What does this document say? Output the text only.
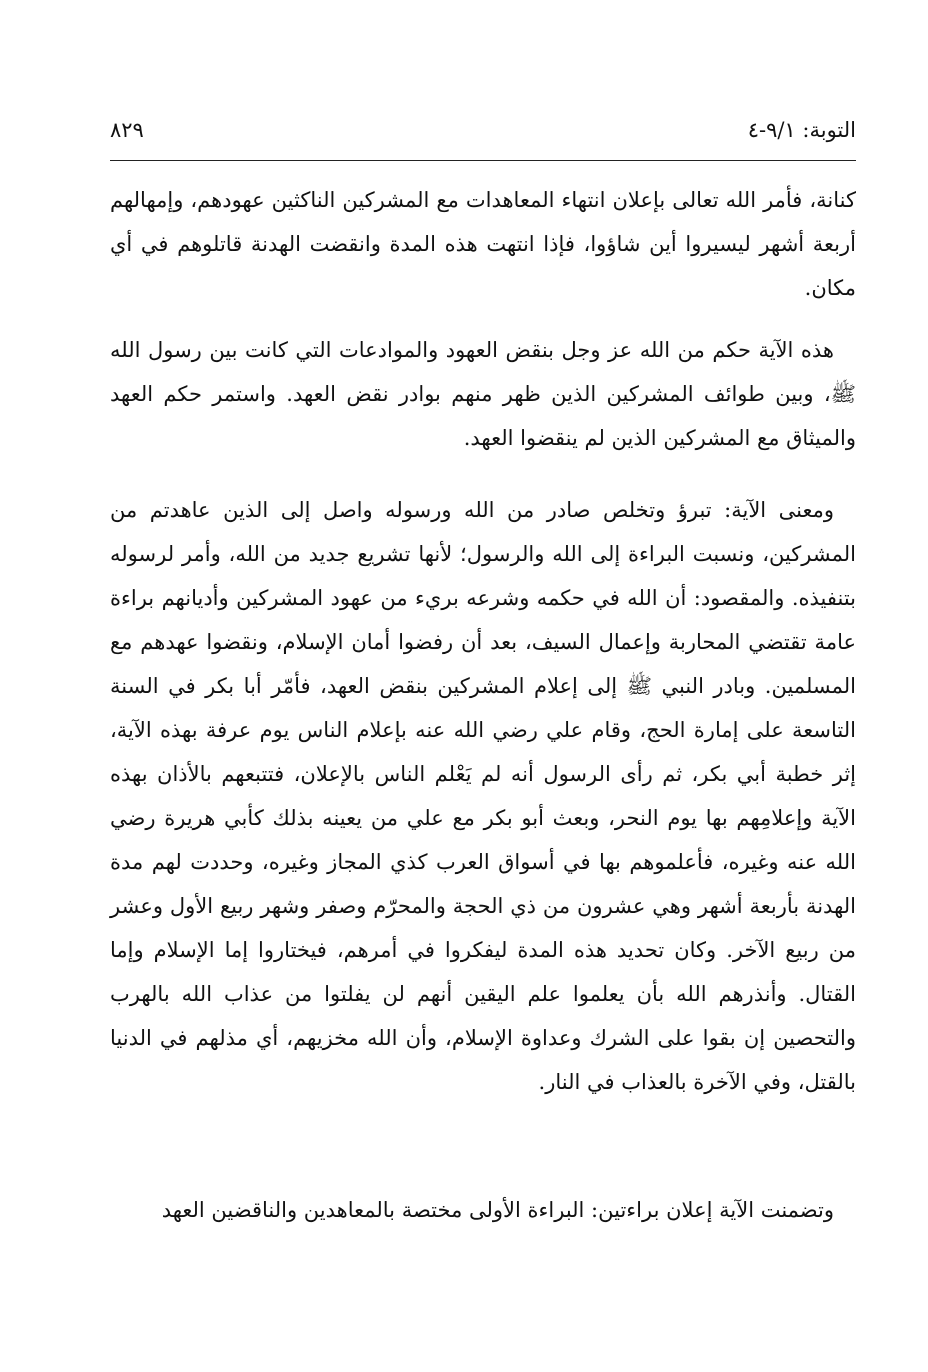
التوبة: ٩/١-٤
٨٢٩

كنانة، فأمر الله تعالى بإعلان انتهاء المعاهدات مع المشركين الناكثين عهودهم، وإمهالهم أربعة أشهر ليسيروا أين شاؤوا، فإذا انتهت هذه المدة وانقضت الهدنة قاتلوهم في أي مكان.

هذه الآية حكم من الله عز وجل بنقض العهود والموادعات التي كانت بين رسول الله ﷺ، وبين طوائف المشركين الذين ظهر منهم بوادر نقض العهد. واستمر حكم العهد والميثاق مع المشركين الذين لم ينقضوا العهد.

ومعنى الآية: تبرؤ وتخلص صادر من الله ورسوله واصل إلى الذين عاهدتم من المشركين، ونسبت البراءة إلى الله والرسول؛ لأنها تشريع جديد من الله، وأمر لرسوله بتنفيذه. والمقصود: أن الله في حكمه وشرعه بريء من عهود المشركين وأديانهم براءة عامة تقتضي المحاربة وإعمال السيف، بعد أن رفضوا أمان الإسلام، ونقضوا عهدهم مع المسلمين. وبادر النبي ﷺ إلى إعلام المشركين بنقض العهد، فأمّر أبا بكر في السنة التاسعة على إمارة الحج، وقام علي رضي الله عنه بإعلام الناس يوم عرفة بهذه الآية، إثر خطبة أبي بكر، ثم رأى الرسول أنه لم يَعْلم الناس بالإعلان، فتتبعهم بالأذان بهذه الآية وإعلامِهم بها يوم النحر، وبعث أبو بكر مع علي من يعينه بذلك كأبي هريرة رضي الله عنه وغيره، فأعلموهم بها في أسواق العرب كذي المجاز وغيره، وحددت لهم مدة الهدنة بأربعة أشهر وهي عشرون من ذي الحجة والمحرّم وصفر وشهر ربيع الأول وعشر من ربيع الآخر. وكان تحديد هذه المدة ليفكروا في أمرهم، فيختاروا إما الإسلام وإما القتال. وأنذرهم الله بأن يعلموا علم اليقين أنهم لن يفلتوا من عذاب الله بالهرب والتحصين إن بقوا على الشرك وعداوة الإسلام، وأن الله مخزيهم، أي مذلهم في الدنيا بالقتل، وفي الآخرة بالعذاب في النار.

وتضمنت الآية إعلان براءتين: البراءة الأولى مختصة بالمعاهدين والناقضين العهد
